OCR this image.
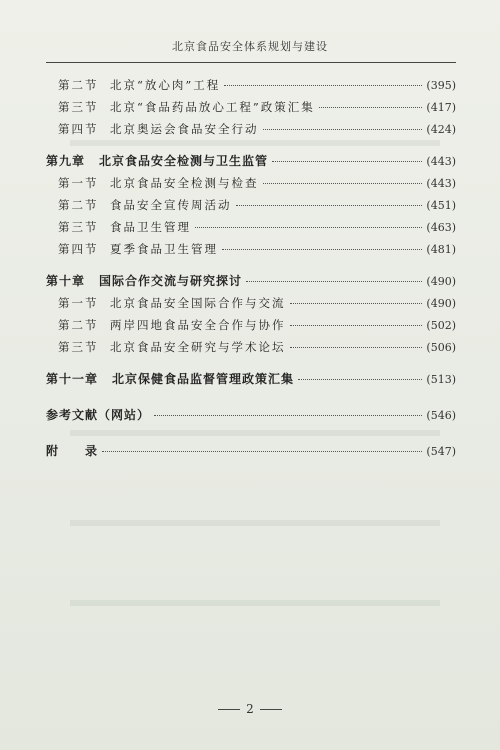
北京食品安全体系规划与建设
第二节	北京“放心肉”工程	(395)
第三节	北京“食品药品放心工程”政策汇集	(417)
第四节	北京奥运会食品安全行动	(424)
第九章 北京食品安全检测与卫生监管	(443)
第一节	北京食品安全检测与检查	(443)
第二节	食品安全宣传周活动	(451)
第三节	食品卫生管理	(463)
第四节	夏季食品卫生管理	(481)
第十章 国际合作交流与研究探讨	(490)
第一节	北京食品安全国际合作与交流	(490)
第二节	两岸四地食品安全合作与协作	(502)
第三节	北京食品安全研究与学术论坛	(506)
第十一章 北京保健食品监督管理政策汇集	(513)
参考文献（网站）	(546)
附　　录	(547)
2
